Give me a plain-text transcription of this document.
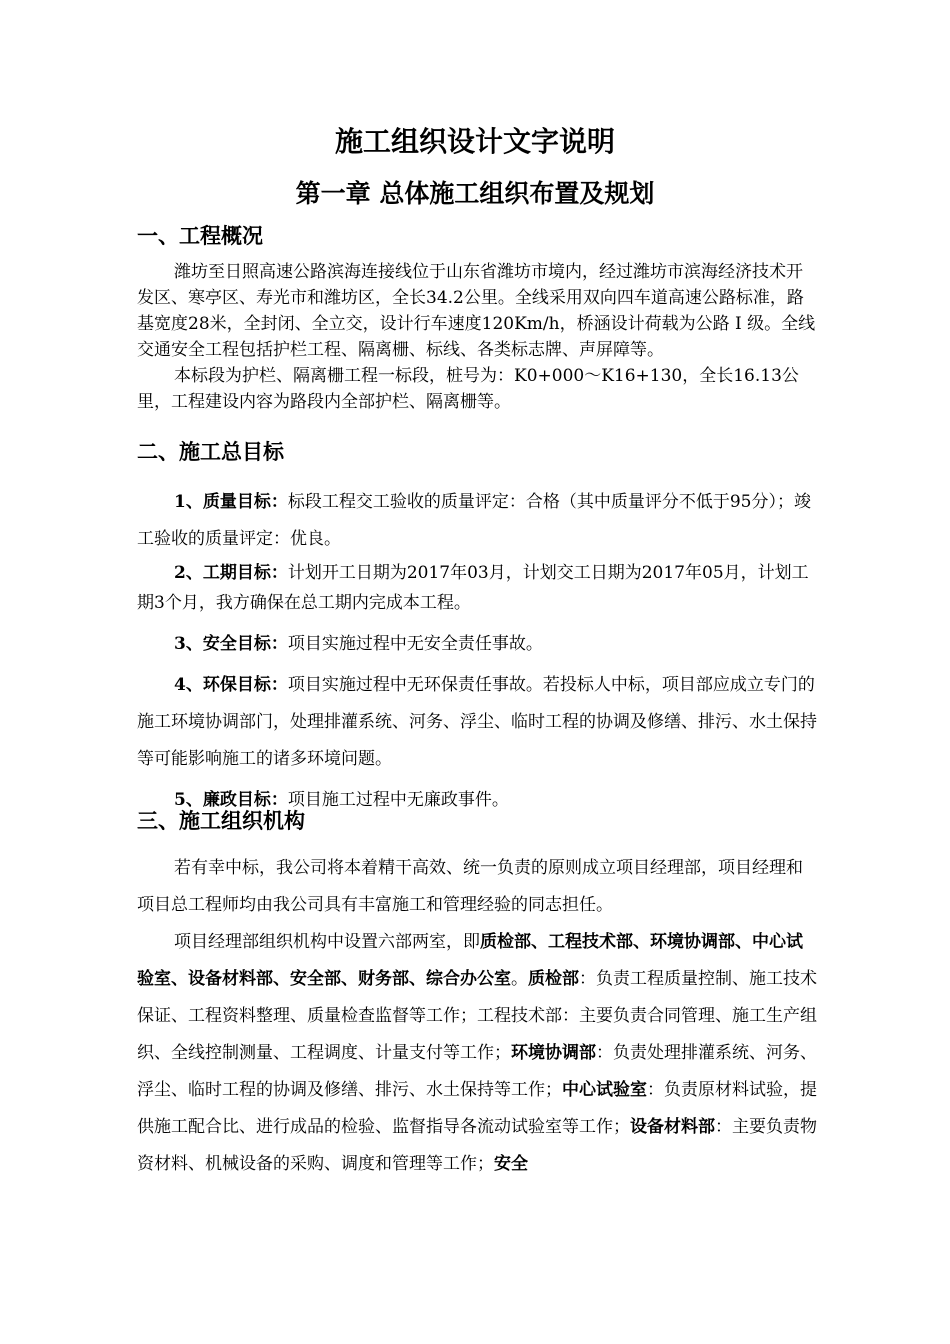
施工组织设计文字说明
第一章 总体施工组织布置及规划
一、工程概况

潍坊至日照高速公路滨海连接线位于山东省潍坊市境内，经过潍坊市滨海经济技术开发区、寒亭区、寿光市和潍坊区，全长34.2公里。全线采用双向四车道高速公路标准，路基宽度28米，全封闭、全立交，设计行车速度120Km/h，桥涵设计荷载为公路 I 级。全线交通安全工程包括护栏工程、隔离栅、标线、各类标志牌、声屏障等。

本标段为护栏、隔离栅工程一标段，桩号为：K0+000～K16+130，全长16.13公里，工程建设内容为路段内全部护栏、隔离栅等。

二、施工总目标

1、质量目标：标段工程交工验收的质量评定：合格（其中质量评分不低于95分）；竣工验收的质量评定：优良。

2、工期目标：计划开工日期为2017年03月，计划交工日期为2017年05月，计划工期3个月，我方确保在总工期内完成本工程。

3、安全目标：项目实施过程中无安全责任事故。

4、环保目标：项目实施过程中无环保责任事故。若投标人中标，项目部应成立专门的施工环境协调部门，处理排灌系统、河务、浮尘、临时工程的协调及修缮、排污、水土保持等可能影响施工的诸多环境问题。

5、廉政目标：项目施工过程中无廉政事件。

三、施工组织机构

若有幸中标，我公司将本着精干高效、统一负责的原则成立项目经理部，项目经理和项目总工程师均由我公司具有丰富施工和管理经验的同志担任。

项目经理部组织机构中设置六部两室，即质检部、工程技术部、环境协调部、中心试验室、设备材料部、安全部、财务部、综合办公室。质检部：负责工程质量控制、施工技术保证、工程资料整理、质量检查监督等工作；工程技术部：主要负责合同管理、施工生产组织、全线控制测量、工程调度、计量支付等工作；环境协调部：负责处理排灌系统、河务、浮尘、临时工程的协调及修缮、排污、水土保持等工作；中心试验室：负责原材料试验，提供施工配合比、进行成品的检验、监督指导各流动试验室等工作；设备材料部：主要负责物资材料、机械设备的采购、调度和管理等工作；安全
